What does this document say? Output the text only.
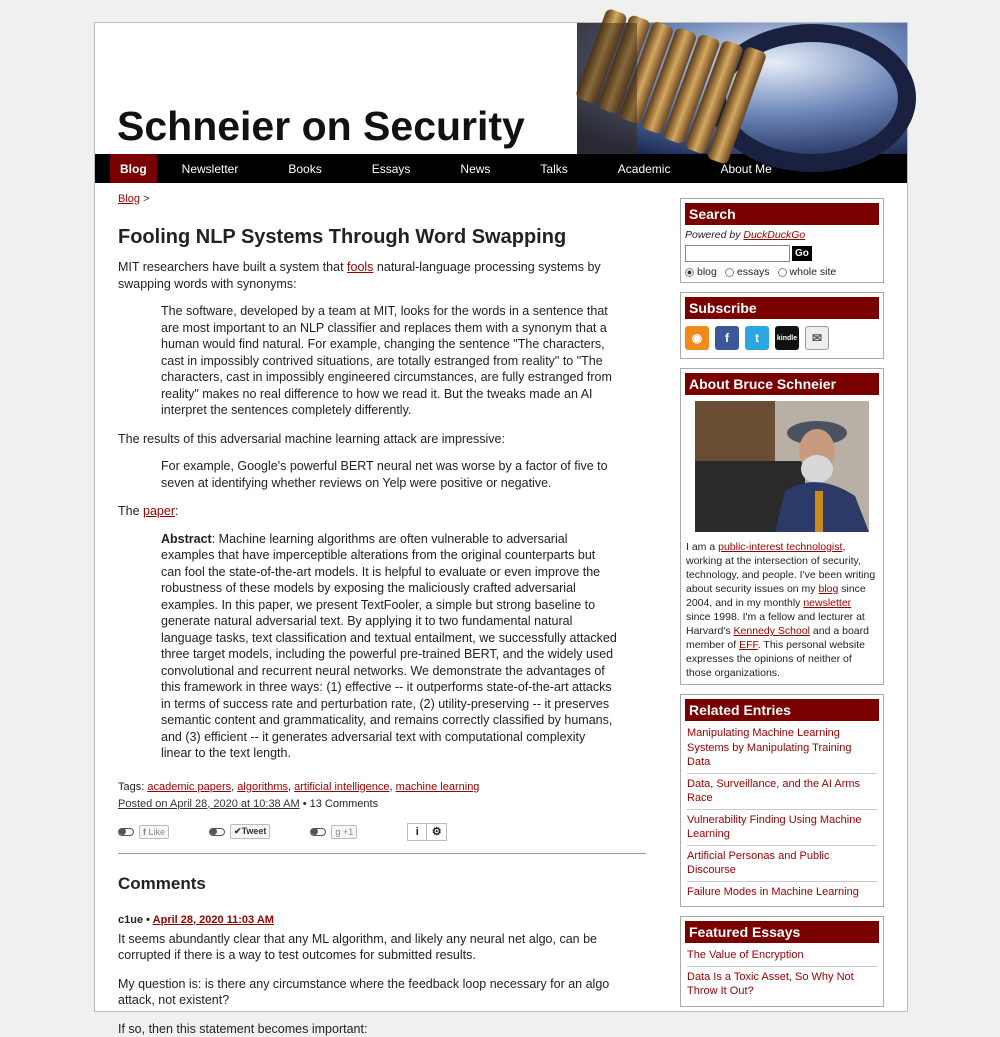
Schneier on Security
Blog	Newsletter	Books	Essays	News	Talks	Academic	About Me
Blog >
Fooling NLP Systems Through Word Swapping

MIT researchers have built a system that fools natural-language processing systems by swapping words with synonyms:

The software, developed by a team at MIT, looks for the words in a sentence that are most important to an NLP classifier and replaces them with a synonym that a human would find natural. For example, changing the sentence "The characters, cast in impossibly contrived situations, are totally estranged from reality" to "The characters, cast in impossibly engineered circumstances, are fully estranged from reality" makes no real difference to how we read it. But the tweaks made an AI interpret the sentences completely differently.

The results of this adversarial machine learning attack are impressive:

For example, Google's powerful BERT neural net was worse by a factor of five to seven at identifying whether reviews on Yelp were positive or negative.

The paper:

Abstract: Machine learning algorithms are often vulnerable to adversarial examples that have imperceptible alterations from the original counterparts but can fool the state-of-the-art models. It is helpful to evaluate or even improve the robustness of these models by exposing the maliciously crafted adversarial examples. In this paper, we present TextFooler, a simple but strong baseline to generate natural adversarial text. By applying it to two fundamental natural language tasks, text classification and textual entailment, we successfully attacked three target models, including the powerful pre-trained BERT, and the widely used convolutional and recurrent neural networks. We demonstrate the advantages of this framework in three ways: (1) effective -- it outperforms state-of-the-art attacks in terms of success rate and perturbation rate, (2) utility-preserving -- it preserves semantic content and grammaticality, and remains correctly classified by humans, and (3) efficient -- it generates adversarial text with computational complexity linear to the text length.
Tags: academic papers, algorithms, artificial intelligence, machine learning
Posted on April 28, 2020 at 10:38 AM • 13 Comments
f Like	✔Tweet	g +1	i	⚙
Comments
c1ue • April 28, 2020 11:03 AM

It seems abundantly clear that any ML algorithm, and likely any neural net algo, can be corrupted if there is a way to test outcomes for submitted results.

My question is: is there any circumstance where the feedback loop necessary for an algo attack, not existent?

If so, then this statement becomes important:

Search
Powered by DuckDuckGo
Go
blog essays whole site
Subscribe
◉	f	t	kindle	✉
About Bruce Schneier
I am a public-interest technologist, working at the intersection of security, technology, and people. I've been writing about security issues on my blog since 2004, and in my monthly newsletter since 1998. I'm a fellow and lecturer at Harvard's Kennedy School and a board member of EFF. This personal website expresses the opinions of neither of those organizations.
Related Entries
Manipulating Machine Learning Systems by Manipulating Training Data
Data, Surveillance, and the AI Arms Race
Vulnerability Finding Using Machine Learning
Artificial Personas and Public Discourse
Failure Modes in Machine Learning
Featured Essays
The Value of Encryption
Data Is a Toxic Asset, So Why Not Throw It Out?
